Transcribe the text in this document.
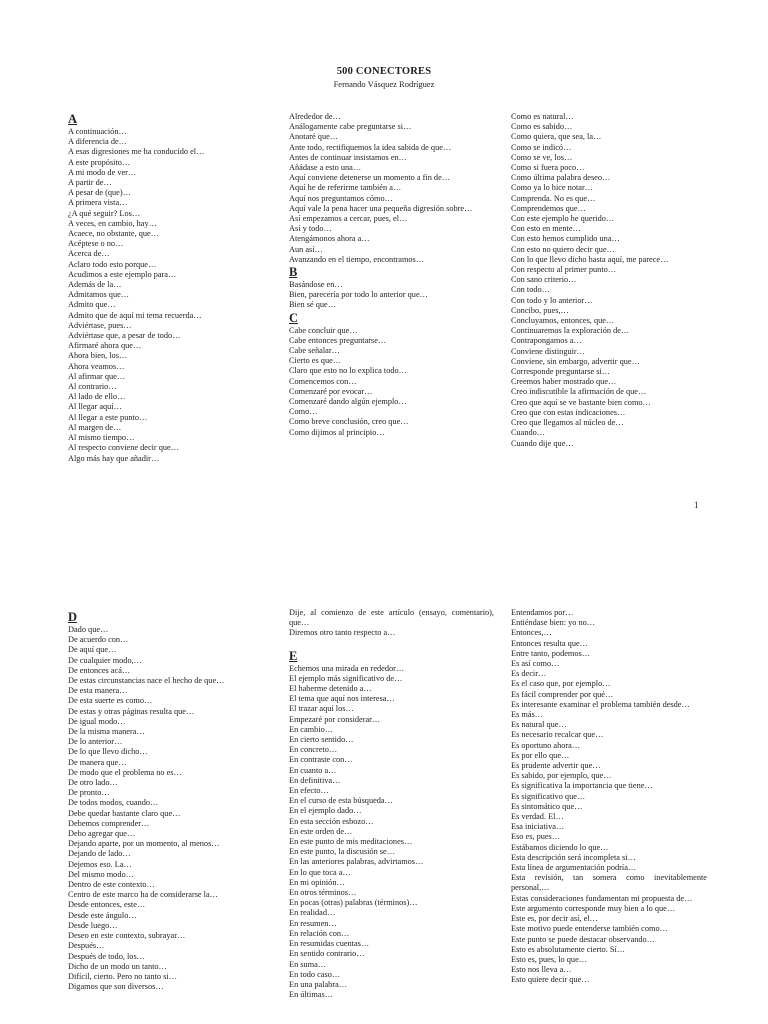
500 CONECTORES
Fernando Vásquez Rodríguez
A
A continuación…
A diferencia de…
A esas digresiones me ha conducido el…
A este propósito…
A mi modo de ver…
A partir de…
A pesar de (que)…
A primera vista…
¿A qué seguir? Los…
A veces, en cambio, hay…
Acaece, no obstante, que…
Acéptese o no…
Acerca de…
Aclaro todo esto porque…
Acudimos a este ejemplo para…
Además de la…
Admitamos que…
Admito que…
Admito que de aquí mi tema recuerda…
Adviértase, pues…
Adviértase que, a pesar de todo…
Afirmaré ahora que…
Ahora bien, los…
Ahora veamos…
Al afirmar que…
Al contrario…
Al lado de ello…
Al llegar aquí…
Al llegar a este punto…
Al margen de…
Al mismo tiempo…
Al respecto conviene decir que…
Algo más hay que añadir…
Alrededor de…
Análogamente cabe preguntarse si…
Anotaré que…
Ante todo, rectifiquemos la idea sabida de que…
Antes de continuar insistamos en…
Añádase a esto una…
Aquí conviene detenerse un momento a fin de…
Aquí he de referirme también a…
Aquí nos preguntamos cómo…
Aquí vale la pena hacer una pequeña digresión sobre…
Así empezamos a cercar, pues, el…
Así y todo…
Atengámonos ahora a…
Aun así…
Avanzando en el tiempo, encontramos…
B
Basándose en…
Bien, parecería por todo lo anterior que…
Bien sé que…
C
Cabe concluir que…
Cabe entonces preguntarse…
Cabe señalar…
Cierto es que…
Claro que esto no lo explica todo…
Comencemos con…
Comenzaré por evocar…
Comenzaré dando algún ejemplo…
Como…
Como breve conclusión, creo que…
Como dijimos al principio…
Como es natural…
Como es sabido…
Como quiera, que sea, la…
Como se indicó…
Como se ve, los…
Como si fuera poco…
Como última palabra deseo…
Como ya lo hice notar…
Comprenda. No es que…
Comprendemos que…
Con este ejemplo he querido…
Con esto en mente…
Con esto hemos cumplido una…
Con esto no quiero decir que…
Con lo que llevo dicho hasta aquí, me parece…
Con respecto al primer punto…
Con sano criterio…
Con todo…
Con todo y lo anterior…
Concibo, pues,…
Concluyamos, entonces, que…
Continuaremos la exploración de…
Contrapongamos a…
Conviene distinguir…
Conviene, sin embargo, advertir que…
Corresponde preguntarse si…
Creemos haber mostrado que…
Creo indiscutible la afirmación de que…
Creo que aquí se ve bastante bien como…
Creo que con estas indicaciones…
Creo que llegamos al núcleo de…
Cuando…
Cuando dije que…
1
D
Dado que…
De acuerdo con…
De aquí que…
De cualquier modo,…
De entonces acá…
De estas circunstancias nace el hecho de que…
De esta manera…
De esta suerte es como…
De estas y otras páginas resulta que…
De igual modo…
De la misma manera…
De lo anterior…
De lo que llevo dicho…
De manera que…
De modo que el problema no es…
De otro lado…
De pronto…
De todos modos, cuando…
Debe quedar bastante claro que…
Debemos comprender…
Debo agregar que…
Dejando aparte, por un momento, al menos…
Dejando de lado…
Dejemos eso. La…
Del mismo modo…
Dentro de este contexto…
Centro de este marco ha de considerarse la…
Desde entonces, este…
Desde este ángulo…
Desde luego…
Deseo en este contexto, subrayar…
Después…
Después de todo, los…
Dicho de un modo un tanto…
Difícil, cierto. Pero no tanto si…
Digamos que son diversos…
Dije, al comienzo de este artículo (ensayo, comentario), que…
Diremos otro tanto respecto a…
E
Echemos una mirada en rededor…
El ejemplo más significativo de…
El haberme detenido a…
El tema que aquí nos interesa…
El trazar aquí los…
Empezaré por considerar…
En cambio…
En cierto sentido…
En concreto…
En contraste con…
En cuanto a…
En definitiva…
En efecto…
En el curso de esta búsqueda…
En el ejemplo dado…
En esta sección esbozo…
En este orden de…
En este punto de mis meditaciones…
En este punto, la discusión se…
En las anteriores palabras, advirtamos…
En lo que toca a…
En mi opinión…
En otros términos…
En pocas (otras) palabras (términos)…
En realidad…
En resumen…
En relación con…
En resumidas cuentas…
En sentido contrario…
En suma…
En todo caso…
En una palabra…
En últimas…
Entendamos por…
Entiéndase bien: yo no…
Entonces,…
Entonces resulta que…
Entre tanto, podemos…
Es así como…
Es decir…
Es el caso que, por ejemplo…
Es fácil comprender por qué…
Es interesante examinar el problema también desde…
Es más…
Es natural que…
Es necesario recalcar que…
Es oportuno ahora…
Es por ello que…
Es prudente advertir que…
Es sabido, por ejemplo, que…
Es significativa la importancia que tiene…
Es significativo que…
Es sintomático que…
Es verdad. El…
Esa iniciativa…
Eso es, pues…
Estábamos diciendo lo que…
Esta descripción será incompleta si…
Esta línea de argumentación podría…
Esta revisión, tan somera como inevitablemente personal,…
Estas consideraciones fundamentan mi propuesta de…
Este argumento corresponde muy bien a lo que…
Este es, por decir así, el…
Este motivo puede entenderse también como…
Este punto se puede destacar observando…
Esto es absolutamente cierto. Sí…
Esto es, pues, lo que…
Esto nos lleva a…
Esto quiere decir que…
